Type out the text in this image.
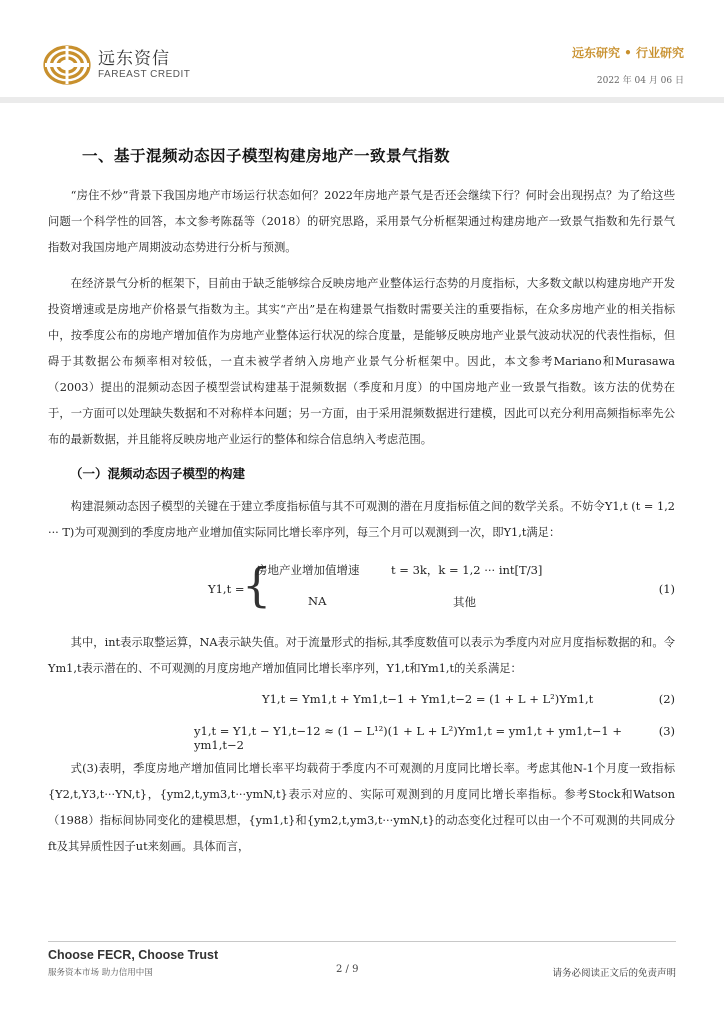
远东资信
FAREAST CREDIT
远东研究 • 行业研究
2022 年 04 月 06 日
一、基于混频动态因子模型构建房地产一致景气指数

“房住不炒”背景下我国房地产市场运行状态如何？2022年房地产景气是否还会继续下行？何时会出现拐点？为了给这些问题一个科学性的回答，本文参考陈磊等（2018）的研究思路，采用景气分析框架通过构建房地产一致景气指数和先行景气指数对我国房地产周期波动态势进行分析与预测。

在经济景气分析的框架下，目前由于缺乏能够综合反映房地产业整体运行态势的月度指标，大多数文献以构建房地产开发投资增速或是房地产价格景气指数为主。其实“产出”是在构建景气指数时需要关注的重要指标，在众多房地产业的相关指标中，按季度公布的房地产增加值作为房地产业整体运行状况的综合度量，是能够反映房地产业景气波动状况的代表性指标，但碍于其数据公布频率相对较低，一直未被学者纳入房地产业景气分析框架中。因此，本文参考Mariano和Murasawa（2003）提出的混频动态因子模型尝试构建基于混频数据（季度和月度）的中国房地产业一致景气指数。该方法的优势在于，一方面可以处理缺失数据和不对称样本问题；另一方面，由于采用混频数据进行建模，因此可以充分利用高频指标率先公布的最新数据，并且能将反映房地产业运行的整体和综合信息纳入考虑范围。

（一）混频动态因子模型的构建

构建混频动态因子模型的关键在于建立季度指标值与其不可观测的潜在月度指标值之间的数学关系。不妨令Y1,t (t = 1,2 ··· T)为可观测到的季度房地产业增加值实际同比增长率序列，每三个月可以观测到一次，即Y1,t满足：

Y1,t =
{
房地产业增加值增速	t = 3k，k = 1,2 ··· int[T/3]
NA	其他
(1)

其中，int表示取整运算，NA表示缺失值。对于流量形式的指标,其季度数值可以表示为季度内对应月度指标数据的和。令Ym1,t表示潜在的、不可观测的月度房地产增加值同比增长率序列，Y1,t和Ym1,t的关系满足：

Y1,t = Ym1,t + Ym1,t−1 + Ym1,t−2 = (1 + L + L²)Ym1,t	(2)
y1,t = Y1,t − Y1,t−12 ≈ (1 − L¹²)(1 + L + L²)Ym1,t = ym1,t + ym1,t−1 + ym1,t−2
(3)

式(3)表明，季度房地产增加值同比增长率平均载荷于季度内不可观测的月度同比增长率。考虑其他N-1个月度一致指标{Y2,t,Y3,t···YN,t}，{ym2,t,ym3,t···ymN,t}表示对应的、实际可观测到的月度同比增长率指标。参考Stock和Watson（1988）指标间协同变化的建模思想，{ym1,t}和{ym2,t,ym3,t···ymN,t}的动态变化过程可以由一个不可观测的共同成分ft及其异质性因子ut来刻画。具体而言，

Choose FECR, Choose Trust
服务资本市场 助力信用中国	2 / 9	请务必阅读正文后的免责声明
